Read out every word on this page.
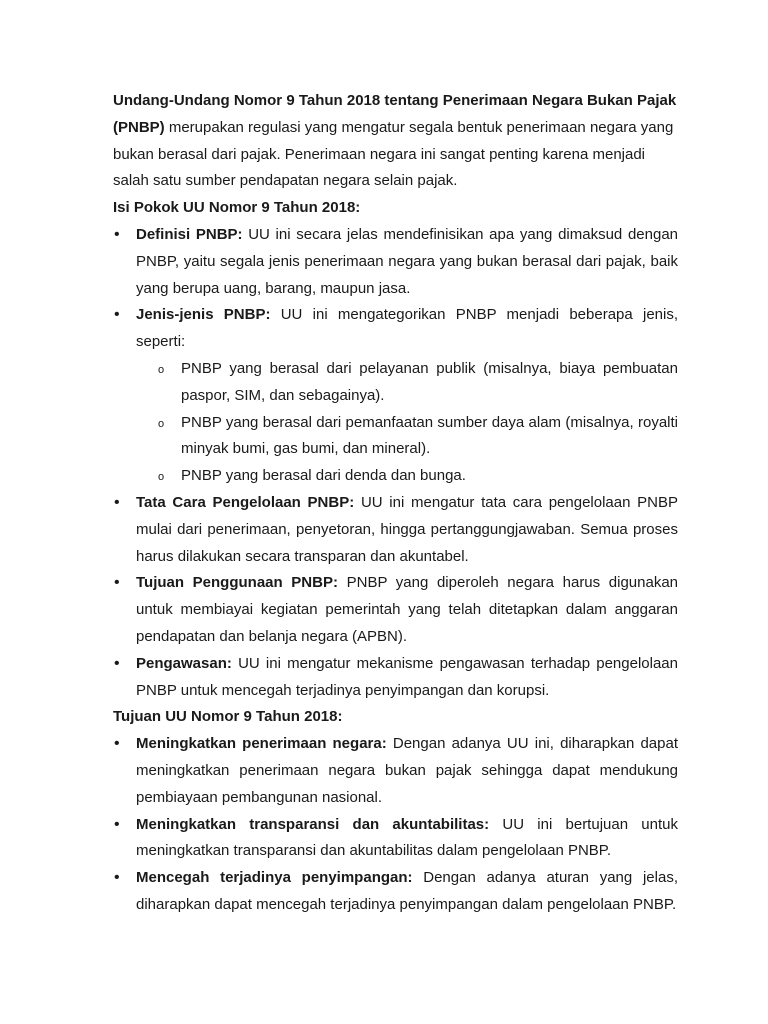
Undang-Undang Nomor 9 Tahun 2018 tentang Penerimaan Negara Bukan Pajak (PNBP) merupakan regulasi yang mengatur segala bentuk penerimaan negara yang bukan berasal dari pajak. Penerimaan negara ini sangat penting karena menjadi salah satu sumber pendapatan negara selain pajak.

Isi Pokok UU Nomor 9 Tahun 2018:

• Definisi PNBP: UU ini secara jelas mendefinisikan apa yang dimaksud dengan PNBP, yaitu segala jenis penerimaan negara yang bukan berasal dari pajak, baik yang berupa uang, barang, maupun jasa.
• Jenis-jenis PNBP: UU ini mengategorikan PNBP menjadi beberapa jenis, seperti:
o PNBP yang berasal dari pelayanan publik (misalnya, biaya pembuatan paspor, SIM, dan sebagainya).
o PNBP yang berasal dari pemanfaatan sumber daya alam (misalnya, royalti minyak bumi, gas bumi, dan mineral).
o PNBP yang berasal dari denda dan bunga.
• Tata Cara Pengelolaan PNBP: UU ini mengatur tata cara pengelolaan PNBP mulai dari penerimaan, penyetoran, hingga pertanggungjawaban. Semua proses harus dilakukan secara transparan dan akuntabel.
• Tujuan Penggunaan PNBP: PNBP yang diperoleh negara harus digunakan untuk membiayai kegiatan pemerintah yang telah ditetapkan dalam anggaran pendapatan dan belanja negara (APBN).
• Pengawasan: UU ini mengatur mekanisme pengawasan terhadap pengelolaan PNBP untuk mencegah terjadinya penyimpangan dan korupsi.

Tujuan UU Nomor 9 Tahun 2018:

• Meningkatkan penerimaan negara: Dengan adanya UU ini, diharapkan dapat meningkatkan penerimaan negara bukan pajak sehingga dapat mendukung pembiayaan pembangunan nasional.
• Meningkatkan transparansi dan akuntabilitas: UU ini bertujuan untuk meningkatkan transparansi dan akuntabilitas dalam pengelolaan PNBP.
• Mencegah terjadinya penyimpangan: Dengan adanya aturan yang jelas, diharapkan dapat mencegah terjadinya penyimpangan dalam pengelolaan PNBP.
